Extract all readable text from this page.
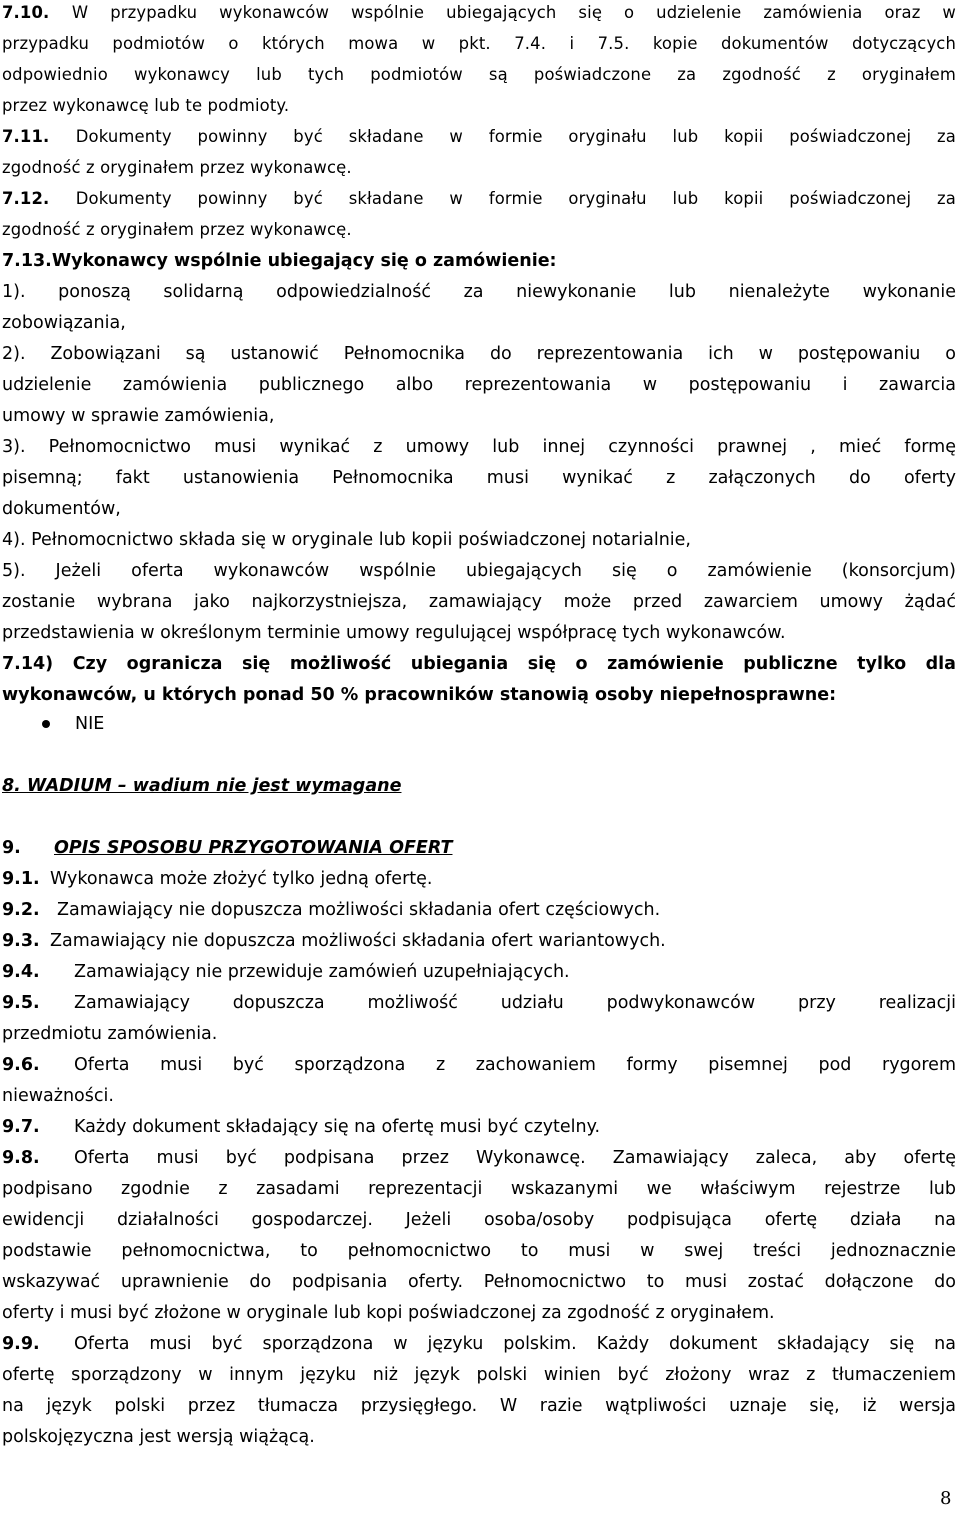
7.10. W przypadku wykonawców wspólnie ubiegających się o udzielenie zamówienia oraz w
przypadku podmiotów o których mowa w pkt. 7.4. i 7.5. kopie dokumentów dotyczących
odpowiednio wykonawcy lub tych podmiotów są poświadczone za zgodność z oryginałem
przez wykonawcę lub te podmioty.
7.11. Dokumenty powinny być składane w formie oryginału lub kopii poświadczonej za
zgodność z oryginałem przez wykonawcę.
7.12. Dokumenty powinny być składane w formie oryginału lub kopii poświadczonej za
zgodność z oryginałem przez wykonawcę.
7.13.Wykonawcy wspólnie ubiegający się o zamówienie:
1). ponoszą solidarną odpowiedzialność za niewykonanie lub nienależyte wykonanie
zobowiązania,
2). Zobowiązani są ustanowić Pełnomocnika do reprezentowania ich w postępowaniu o
udzielenie zamówienia publicznego albo reprezentowania w postępowaniu i zawarcia
umowy w sprawie zamówienia,
3). Pełnomocnictwo musi wynikać z umowy lub innej czynności prawnej , mieć formę
pisemną; fakt ustanowienia Pełnomocnika musi wynikać z załączonych do oferty
dokumentów,
4). Pełnomocnictwo składa się w oryginale lub kopii poświadczonej notarialnie,
5). Jeżeli oferta wykonawców wspólnie ubiegających się o zamówienie (konsorcjum)
zostanie wybrana jako najkorzystniejsza, zamawiający może przed zawarciem umowy żądać
przedstawienia w określonym terminie umowy regulującej współpracę tych wykonawców.
7.14) Czy ogranicza się możliwość ubiegania się o zamówienie publiczne tylko dla
wykonawców, u których ponad 50 % pracowników stanowią osoby niepełnosprawne:
NIE
8. WADIUM – wadium nie jest wymagane
9. OPIS SPOSOBU PRZYGOTOWANIA OFERT
9.1. Wykonawca może złożyć tylko jedną ofertę.
9.2. Zamawiający nie dopuszcza możliwości składania ofert częściowych.
9.3. Zamawiający nie dopuszcza możliwości składania ofert wariantowych.
9.4. Zamawiający nie przewiduje zamówień uzupełniających.
9.5. Zamawiający dopuszcza możliwość udziału podwykonawców przy realizacji
przedmiotu zamówienia.
9.6. Oferta musi być sporządzona z zachowaniem formy pisemnej pod rygorem
nieważności.
9.7. Każdy dokument składający się na ofertę musi być czytelny.
9.8. Oferta musi być podpisana przez Wykonawcę. Zamawiający zaleca, aby ofertę
podpisano zgodnie z zasadami reprezentacji wskazanymi we właściwym rejestrze lub
ewidencji działalności gospodarczej. Jeżeli osoba/osoby podpisująca ofertę działa na
podstawie pełnomocnictwa, to pełnomocnictwo to musi w swej treści jednoznacznie
wskazywać uprawnienie do podpisania oferty. Pełnomocnictwo to musi zostać dołączone do
oferty i musi być złożone w oryginale lub kopi poświadczonej za zgodność z oryginałem.
9.9. Oferta musi być sporządzona w języku polskim. Każdy dokument składający się na
ofertę sporządzony w innym języku niż język polski winien być złożony wraz z tłumaczeniem
na język polski przez tłumacza przysięgłego. W razie wątpliwości uznaje się, iż wersja
polskojęzyczna jest wersją wiążącą.
8
